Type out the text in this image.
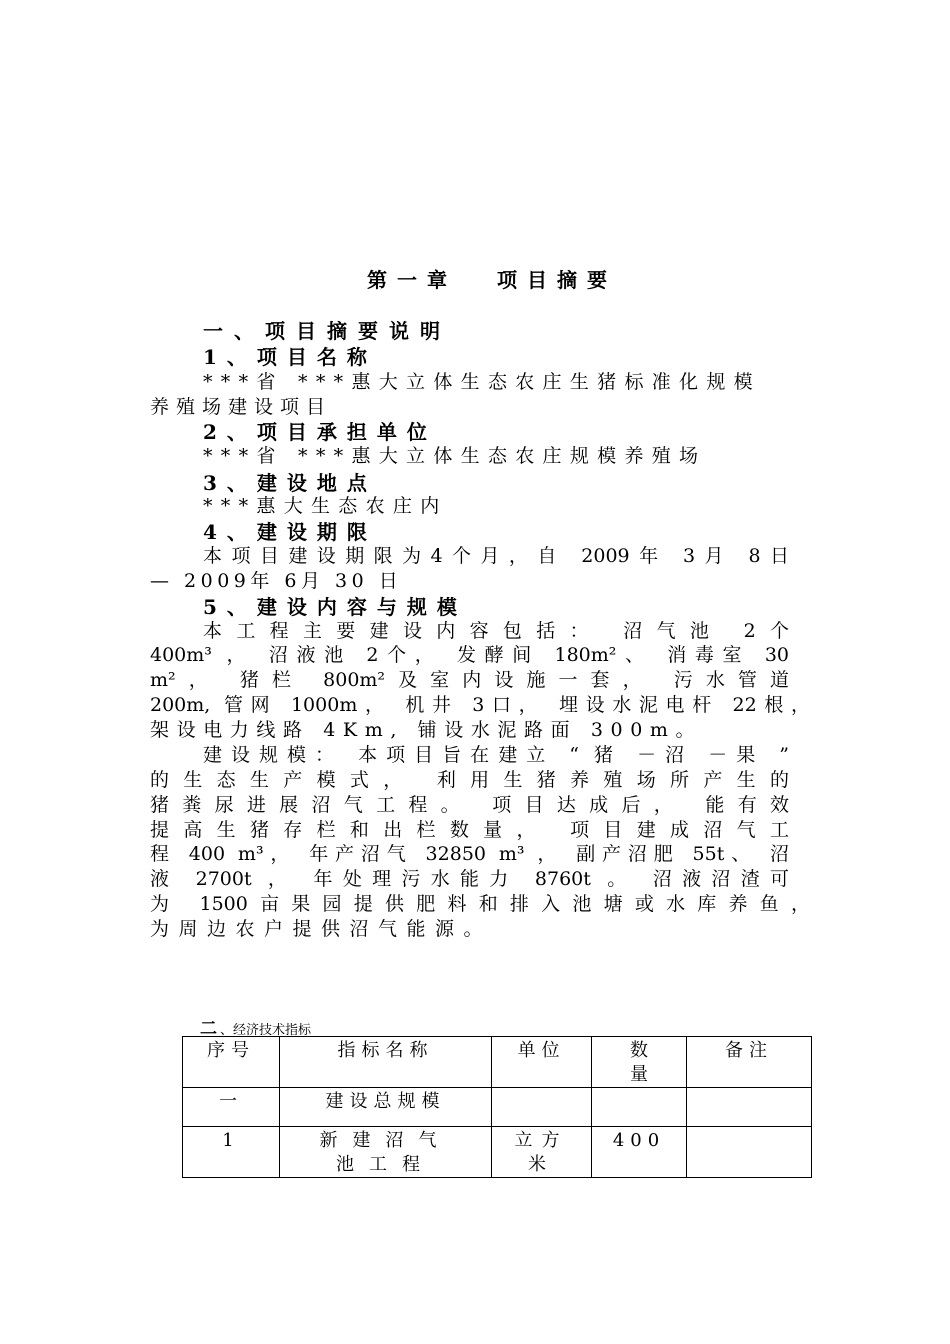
第一章 项目摘要
一、项目摘要说明
1、项目名称
***省 ***惠大立体生态农庄生猪标准化规模
养殖场建设项目
2、项目承担单位
***省 ***惠大立体生态农庄规模养殖场
3、建设地点
***惠大生态农庄内
4、建设期限
本项目建设期限为4个月，自 2009年 3月 8日
— 2009年 6月 30 日
5、建设内容与规模
本工程主要建设内容包括： 沼气池 2个
400m³ ， 沼液池 2个， 发酵间 180m²、 消毒室 30
m²， 猪栏 800m²及室内设施一套， 污水管道
200m, 管网 1000m， 机井 3口， 埋设水泥电杆 22根，
架设电力线路 4Km, 铺设水泥路面 300m。
建设规模： 本项目旨在建立 “ 猪 －沼 －果 ”
的生态生产模式， 利用生猪养殖场所产生的
猪粪尿进展沼气工程。 项目达成后， 能有效
提高生猪存栏和出栏数量， 项目建成沼气工
程 400 m³， 年产沼气 32850 m³ ， 副产沼肥 55t、 沼
液 2700t ， 年处理污水能力 8760t 。 沼液沼渣可
为 1500亩果园提供肥料和排入池塘或水库养鱼，
为周边农户提供沼气能源。
二、经济技术指标
序号	指标名称	单位	数量	备注
一	建设总规模			
1	新建沼气池工程	立方米	400	
